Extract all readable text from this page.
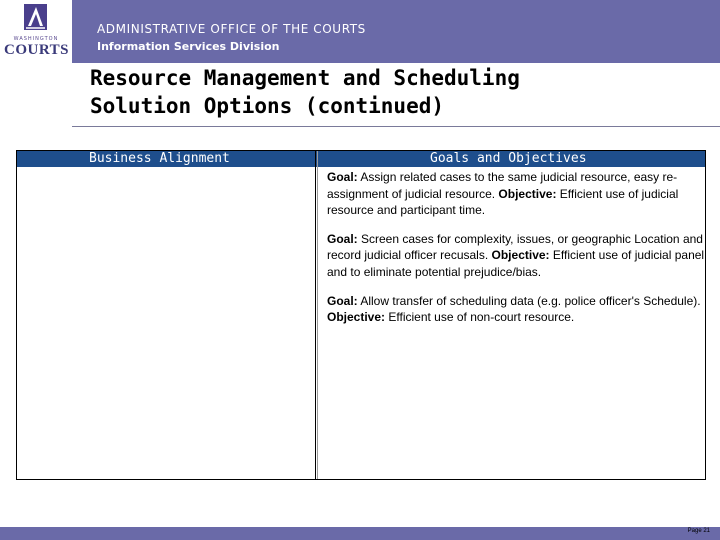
WASHINGTON
COURTS
ADMINISTRATIVE OFFICE OF THE COURTS
Information Services Division
Resource Management and Scheduling
Solution Options (continued)
Business Alignment	Goals and Objectives
Goal: Assign related cases to the same judicial resource, easy re-assignment of judicial resource. Objective: Efficient use of judicial resource and participant time.
Goal: Screen cases for complexity, issues, or geographic Location and record judicial officer recusals. Objective: Efficient use of judicial panel and to eliminate potential prejudice/bias.
Goal: Allow transfer of scheduling data (e.g. police officer's Schedule). Objective: Efficient use of non-court resource.
Page 21
